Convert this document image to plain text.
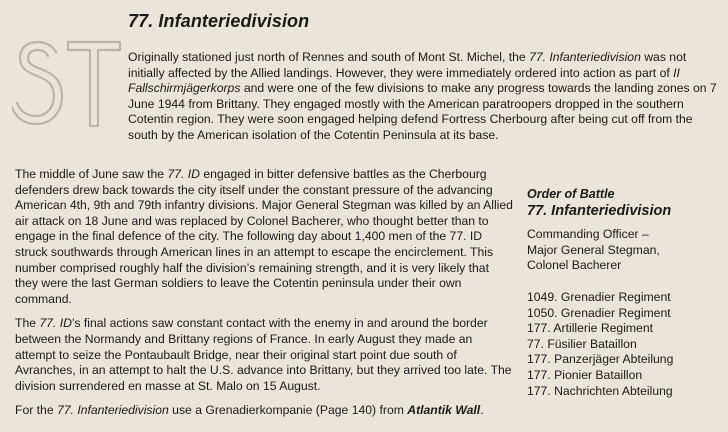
77. Infanteriedivision

Originally stationed just north of Rennes and south of Mont St. Michel, the 77. Infanteriedivision was not initially affected by the Allied landings. However, they were immediately ordered into action as part of II Fallschirmjägerkorps and were one of the few divisions to make any progress towards the landing zones on 7 June 1944 from Brittany. They engaged mostly with the American paratroopers dropped in the southern Cotentin region. They were soon engaged helping defend Fortress Cherbourg after being cut off from the south by the American isolation of the Cotentin Peninsula at its base.

The middle of June saw the 77. ID engaged in bitter defensive battles as the Cherbourg defenders drew back towards the city itself under the constant pressure of the advancing American 4th, 9th and 79th infantry divisions. Major General Stegman was killed by an Allied air attack on 18 June and was replaced by Colonel Bacherer, who thought better than to engage in the final defence of the city. The following day about 1,400 men of the 77. ID struck southwards through American lines in an attempt to escape the encirclement. This number comprised roughly half the division’s remaining strength, and it is very likely that they were the last German soldiers to leave the Cotentin peninsula under their own command.

The 77. ID’s final actions saw constant contact with the enemy in and around the border between the Normandy and Brittany regions of France. In early August they made an attempt to seize the Pontaubault Bridge, near their original start point due south of Avranches, in an attempt to halt the U.S. advance into Brittany, but they arrived too late. The division surrendered en masse at St. Malo on 15 August.

For the 77. Infanteriedivision use a Grenadierkompanie (Page 140) from Atlantik Wall.

Order of Battle
77. Infanteriedivision
Commanding Officer –
Major General Stegman,
Colonel Bacherer
1049. Grenadier Regiment
1050. Grenadier Regiment
177. Artillerie Regiment
77. Füsilier Bataillon
177. Panzerjäger Abteilung
177. Pionier Bataillon
177. Nachrichten Abteilung
